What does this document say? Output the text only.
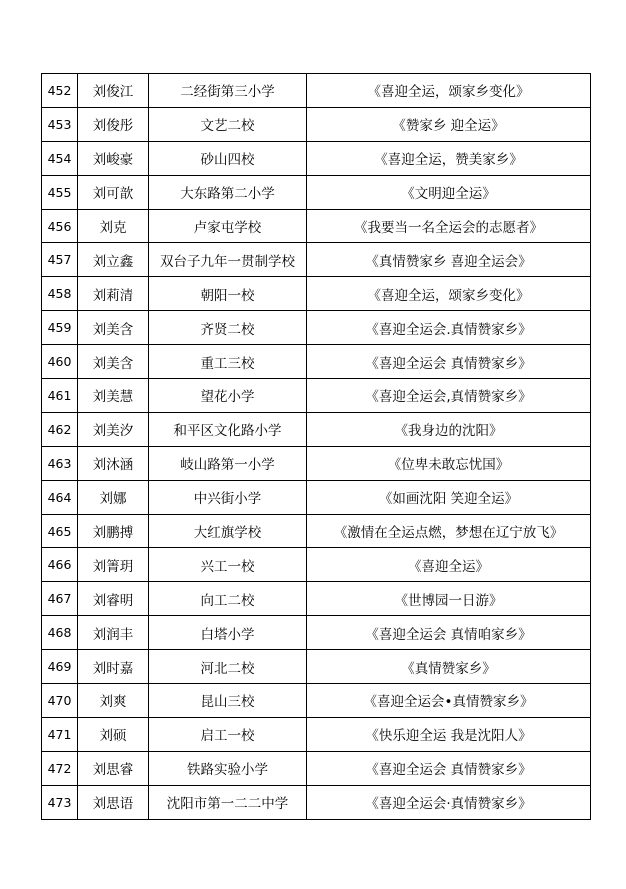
452	刘俊江	二经街第三小学	《喜迎全运，颂家乡变化》
453	刘俊彤	文艺二校	《赞家乡 迎全运》
454	刘峻豪	砂山四校	《喜迎全运，赞美家乡》
455	刘可歆	大东路第二小学	《文明迎全运》
456	刘克	卢家屯学校	《我要当一名全运会的志愿者》
457	刘立鑫	双台子九年一贯制学校	《真情赞家乡 喜迎全运会》
458	刘莉清	朝阳一校	《喜迎全运，颂家乡变化》
459	刘美含	齐贤二校	《喜迎全运会.真情赞家乡》
460	刘美含	重工三校	《喜迎全运会 真情赞家乡》
461	刘美慧	望花小学	《喜迎全运会,真情赞家乡》
462	刘美汐	和平区文化路小学	《我身边的沈阳》
463	刘沐涵	岐山路第一小学	《位卑未敢忘忧国》
464	刘娜	中兴街小学	《如画沈阳 笑迎全运》
465	刘鹏搏	大红旗学校	《激情在全运点燃，梦想在辽宁放飞》
466	刘箐玥	兴工一校	《喜迎全运》
467	刘睿明	向工二校	《世博园一日游》
468	刘润丰	白塔小学	《喜迎全运会 真情咱家乡》
469	刘时嘉	河北二校	《真情赞家乡》
470	刘爽	昆山三校	《喜迎全运会•真情赞家乡》
471	刘硕	启工一校	《快乐迎全运 我是沈阳人》
472	刘思睿	铁路实验小学	《喜迎全运会 真情赞家乡》
473	刘思语	沈阳市第一二二中学	《喜迎全运会·真情赞家乡》
